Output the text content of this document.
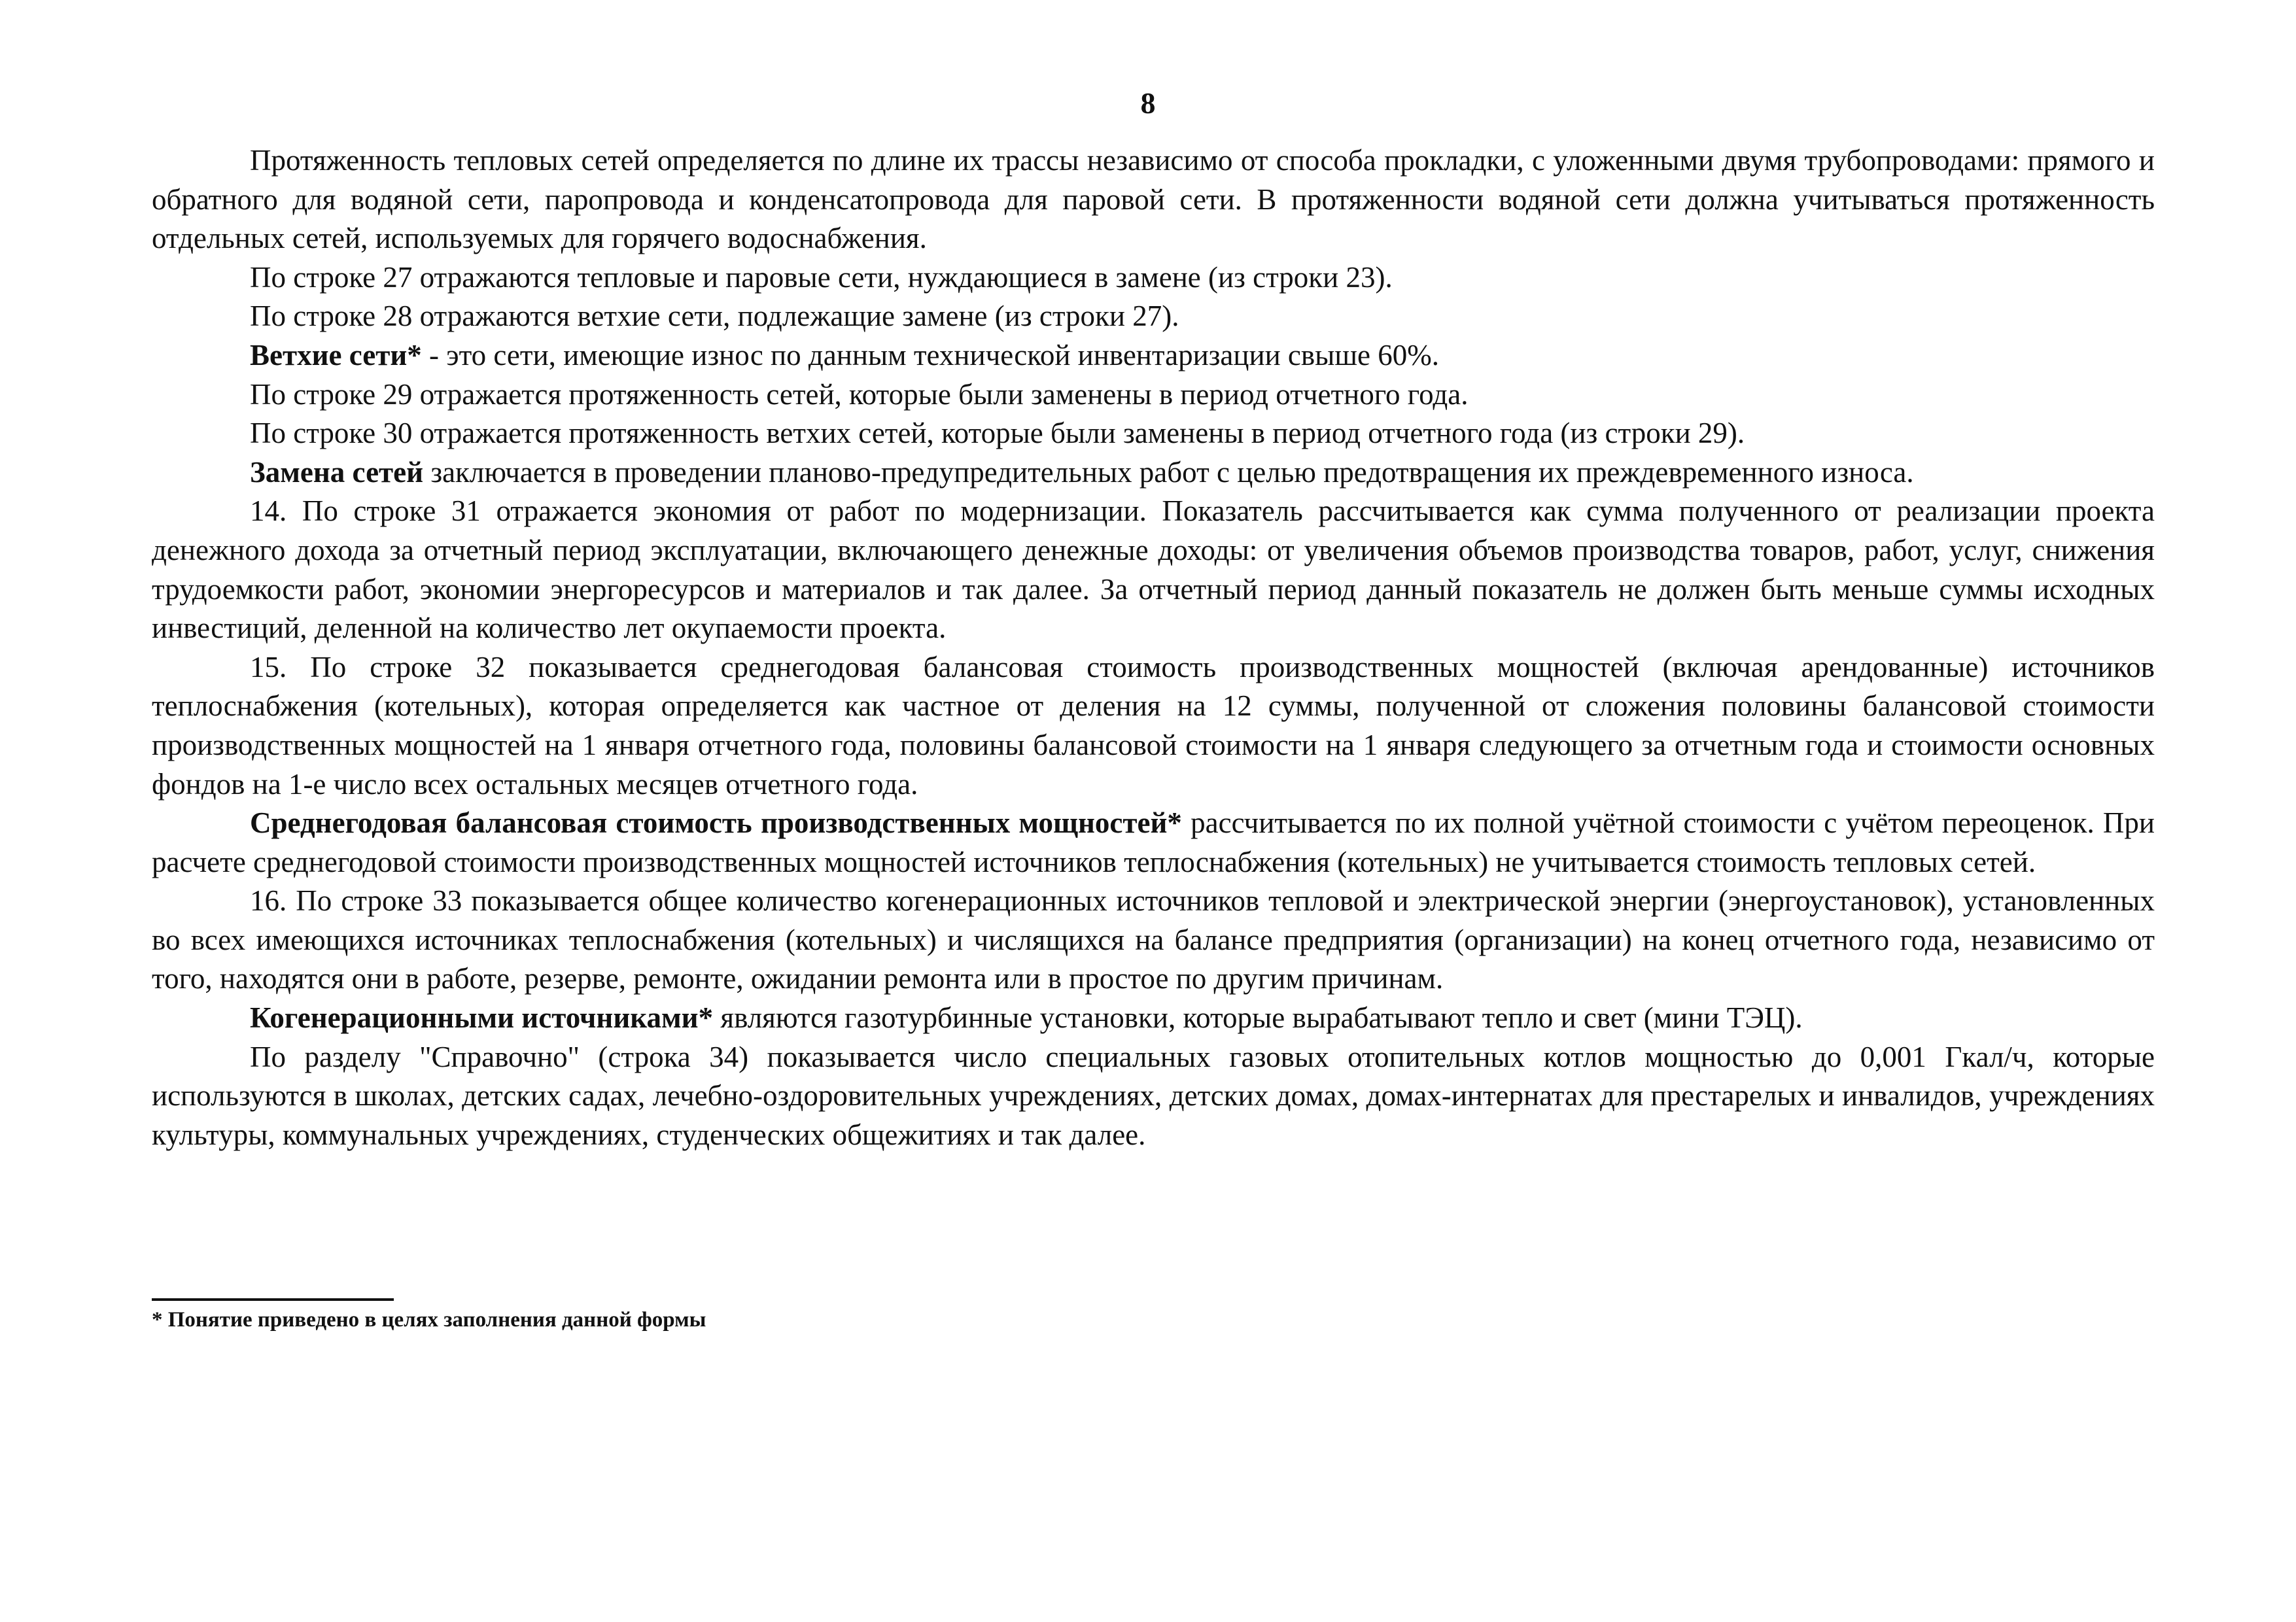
8

Протяженность тепловых сетей определяется по длине их трассы независимо от способа прокладки, с уложенными двумя трубопроводами: прямого и обратного для водяной сети, паропровода и конденсатопровода для паровой сети. В протяженности водяной сети должна учитываться протяженность отдельных сетей, используемых для горячего водоснабжения.

По строке 27 отражаются тепловые и паровые сети, нуждающиеся в замене (из строки 23).

По строке 28 отражаются ветхие сети, подлежащие замене (из строки 27).

Ветхие сети* - это сети, имеющие износ по данным технической инвентаризации свыше 60%.

По строке 29 отражается протяженность сетей, которые были заменены в период отчетного года.

По строке 30 отражается протяженность ветхих сетей, которые были заменены в период отчетного года (из строки 29).

Замена сетей заключается в проведении планово-предупредительных работ с целью предотвращения их преждевременного износа.

14. По строке 31 отражается экономия от работ по модернизации. Показатель рассчитывается как сумма полученного от реализации проекта денежного дохода за отчетный период эксплуатации, включающего денежные доходы: от увеличения объемов производства товаров, работ, услуг, снижения трудоемкости работ, экономии энергоресурсов и материалов и так далее. За отчетный период данный показатель не должен быть меньше суммы исходных инвестиций, деленной на количество лет окупаемости проекта.

15. По строке 32 показывается среднегодовая балансовая стоимость производственных мощностей (включая арендованные) источников теплоснабжения (котельных), которая определяется как частное от деления на 12 суммы, полученной от сложения половины балансовой стоимости производственных мощностей на 1 января отчетного года, половины балансовой стоимости на 1 января следующего за отчетным года и стоимости основных фондов на 1-е число всех остальных месяцев отчетного года.

Среднегодовая балансовая стоимость производственных мощностей* рассчитывается по их полной учётной стоимости с учётом переоценок. При расчете среднегодовой стоимости производственных мощностей источников теплоснабжения (котельных) не учитывается стоимость тепловых сетей.

16. По строке 33 показывается общее количество когенерационных источников тепловой и электрической энергии (энергоустановок), установленных во всех имеющихся источниках теплоснабжения (котельных) и числящихся на балансе предприятия (организации) на конец отчетного года, независимо от того, находятся они в работе, резерве, ремонте, ожидании ремонта или в простое по другим причинам.

Когенерационными источниками* являются газотурбинные установки, которые вырабатывают тепло и свет (мини ТЭЦ).

По разделу "Справочно" (строка 34) показывается число специальных газовых отопительных котлов мощностью до 0,001 Гкал/ч, которые используются в школах, детских садах, лечебно-оздоровительных учреждениях, детских домах, домах-интернатах для престарелых и инвалидов, учреждениях культуры, коммунальных учреждениях, студенческих общежитиях и так далее.

* Понятие приведено в целях заполнения данной формы
